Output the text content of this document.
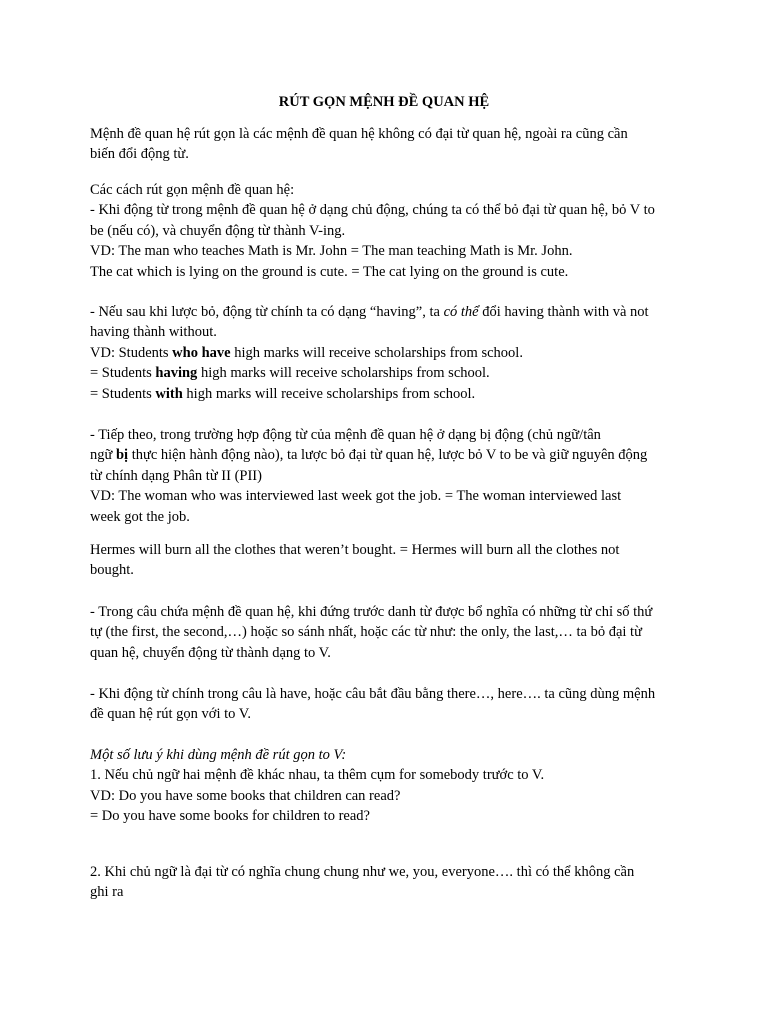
RÚT GỌN MỆNH ĐỀ QUAN HỆ

Mệnh đề quan hệ rút gọn là các mệnh đề quan hệ không có đại từ quan hệ, ngoài ra cũng cần

biến đổi động từ.

Các cách rút gọn mệnh đề quan hệ:

- Khi động từ trong mệnh đề quan hệ ở dạng chủ động, chúng ta có thể bỏ đại từ quan hệ, bỏ V to

be (nếu có), và chuyển động từ thành V-ing.

VD: The man who teaches Math is Mr. John = The man teaching Math is Mr. John.

The cat which is lying on the ground is cute. = The cat lying on the ground is cute.

- Nếu sau khi lược bỏ, động từ chính ta có dạng “having”, ta có thể đổi having thành with và not

having thành without.

VD: Students who have high marks will receive scholarships from school.

= Students having high marks will receive scholarships from school.

= Students with high marks will receive scholarships from school.

- Tiếp theo, trong trường hợp động từ của mệnh đề quan hệ ở dạng bị động (chủ ngữ/tân

ngữ bị thực hiện hành động nào), ta lược bỏ đại từ quan hệ, lược bỏ V to be và giữ nguyên động

từ chính dạng Phân từ II (PII)

VD: The woman who was interviewed last week got the job. = The woman interviewed last

week got the job.

Hermes will burn all the clothes that weren’t bought. = Hermes will burn all the clothes not

bought.

- Trong câu chứa mệnh đề quan hệ, khi đứng trước danh từ được bổ nghĩa có những từ chỉ số thứ

tự (the first, the second,…) hoặc so sánh nhất, hoặc các từ như: the only, the last,… ta bỏ đại từ

quan hệ, chuyển động từ thành dạng to V.

- Khi động từ chính trong câu là have, hoặc câu bắt đầu bằng there…, here…. ta cũng dùng mệnh

đề quan hệ rút gọn với to V.

Một số lưu ý khi dùng mệnh đề rút gọn to V:

1. Nếu chủ ngữ hai mệnh đề khác nhau, ta thêm cụm for somebody trước to V.

VD: Do you have some books that children can read?

= Do you have some books for children to read?

2. Khi chủ ngữ là đại từ có nghĩa chung chung như we, you, everyone…. thì có thể không cần

ghi ra
